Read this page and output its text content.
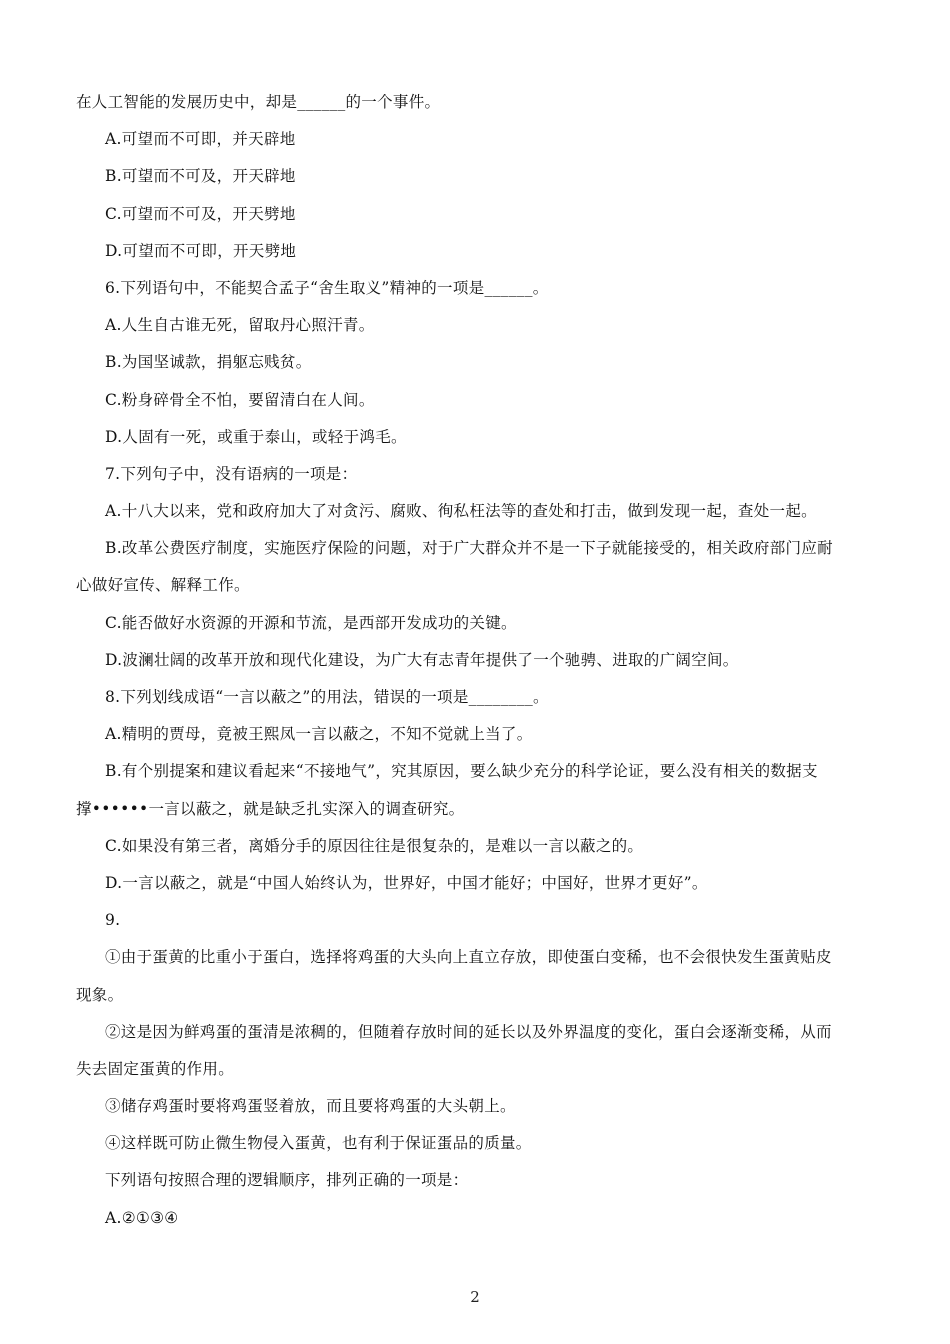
在人工智能的发展历史中，却是______的一个事件。
A.可望而不可即，并天辟地
B.可望而不可及，开天辟地
C.可望而不可及，开天劈地
D.可望而不可即，开天劈地
6.下列语句中，不能契合孟子“舍生取义”精神的一项是______。
A.人生自古谁无死，留取丹心照汗青。
B.为国坚诚款，捐躯忘贱贫。
C.粉身碎骨全不怕，要留清白在人间。
D.人固有一死，或重于泰山，或轻于鸿毛。
7.下列句子中，没有语病的一项是：
A.十八大以来，党和政府加大了对贪污、腐败、徇私枉法等的查处和打击，做到发现一起，查处一起。
B.改革公费医疗制度，实施医疗保险的问题，对于广大群众并不是一下子就能接受的，相关政府部门应耐
心做好宣传、解释工作。
C.能否做好水资源的开源和节流，是西部开发成功的关键。
D.波澜壮阔的改革开放和现代化建设，为广大有志青年提供了一个驰骋、进取的广阔空间。
8.下列划线成语“一言以蔽之”的用法，错误的一项是________。
A.精明的贾母，竟被王熙凤一言以蔽之，不知不觉就上当了。
B.有个别提案和建议看起来“不接地气”，究其原因，要么缺少充分的科学论证，要么没有相关的数据支
撑••••••一言以蔽之，就是缺乏扎实深入的调查研究。
C.如果没有第三者，离婚分手的原因往往是很复杂的，是难以一言以蔽之的。
D.一言以蔽之，就是“中国人始终认为，世界好，中国才能好；中国好，世界才更好”。
9.
①由于蛋黄的比重小于蛋白，选择将鸡蛋的大头向上直立存放，即使蛋白变稀，也不会很快发生蛋黄贴皮
现象。
②这是因为鲜鸡蛋的蛋清是浓稠的，但随着存放时间的延长以及外界温度的变化，蛋白会逐渐变稀，从而
失去固定蛋黄的作用。
③储存鸡蛋时要将鸡蛋竖着放，而且要将鸡蛋的大头朝上。
④这样既可防止微生物侵入蛋黄，也有利于保证蛋品的质量。
下列语句按照合理的逻辑顺序，排列正确的一项是：
A.②①③④
2
